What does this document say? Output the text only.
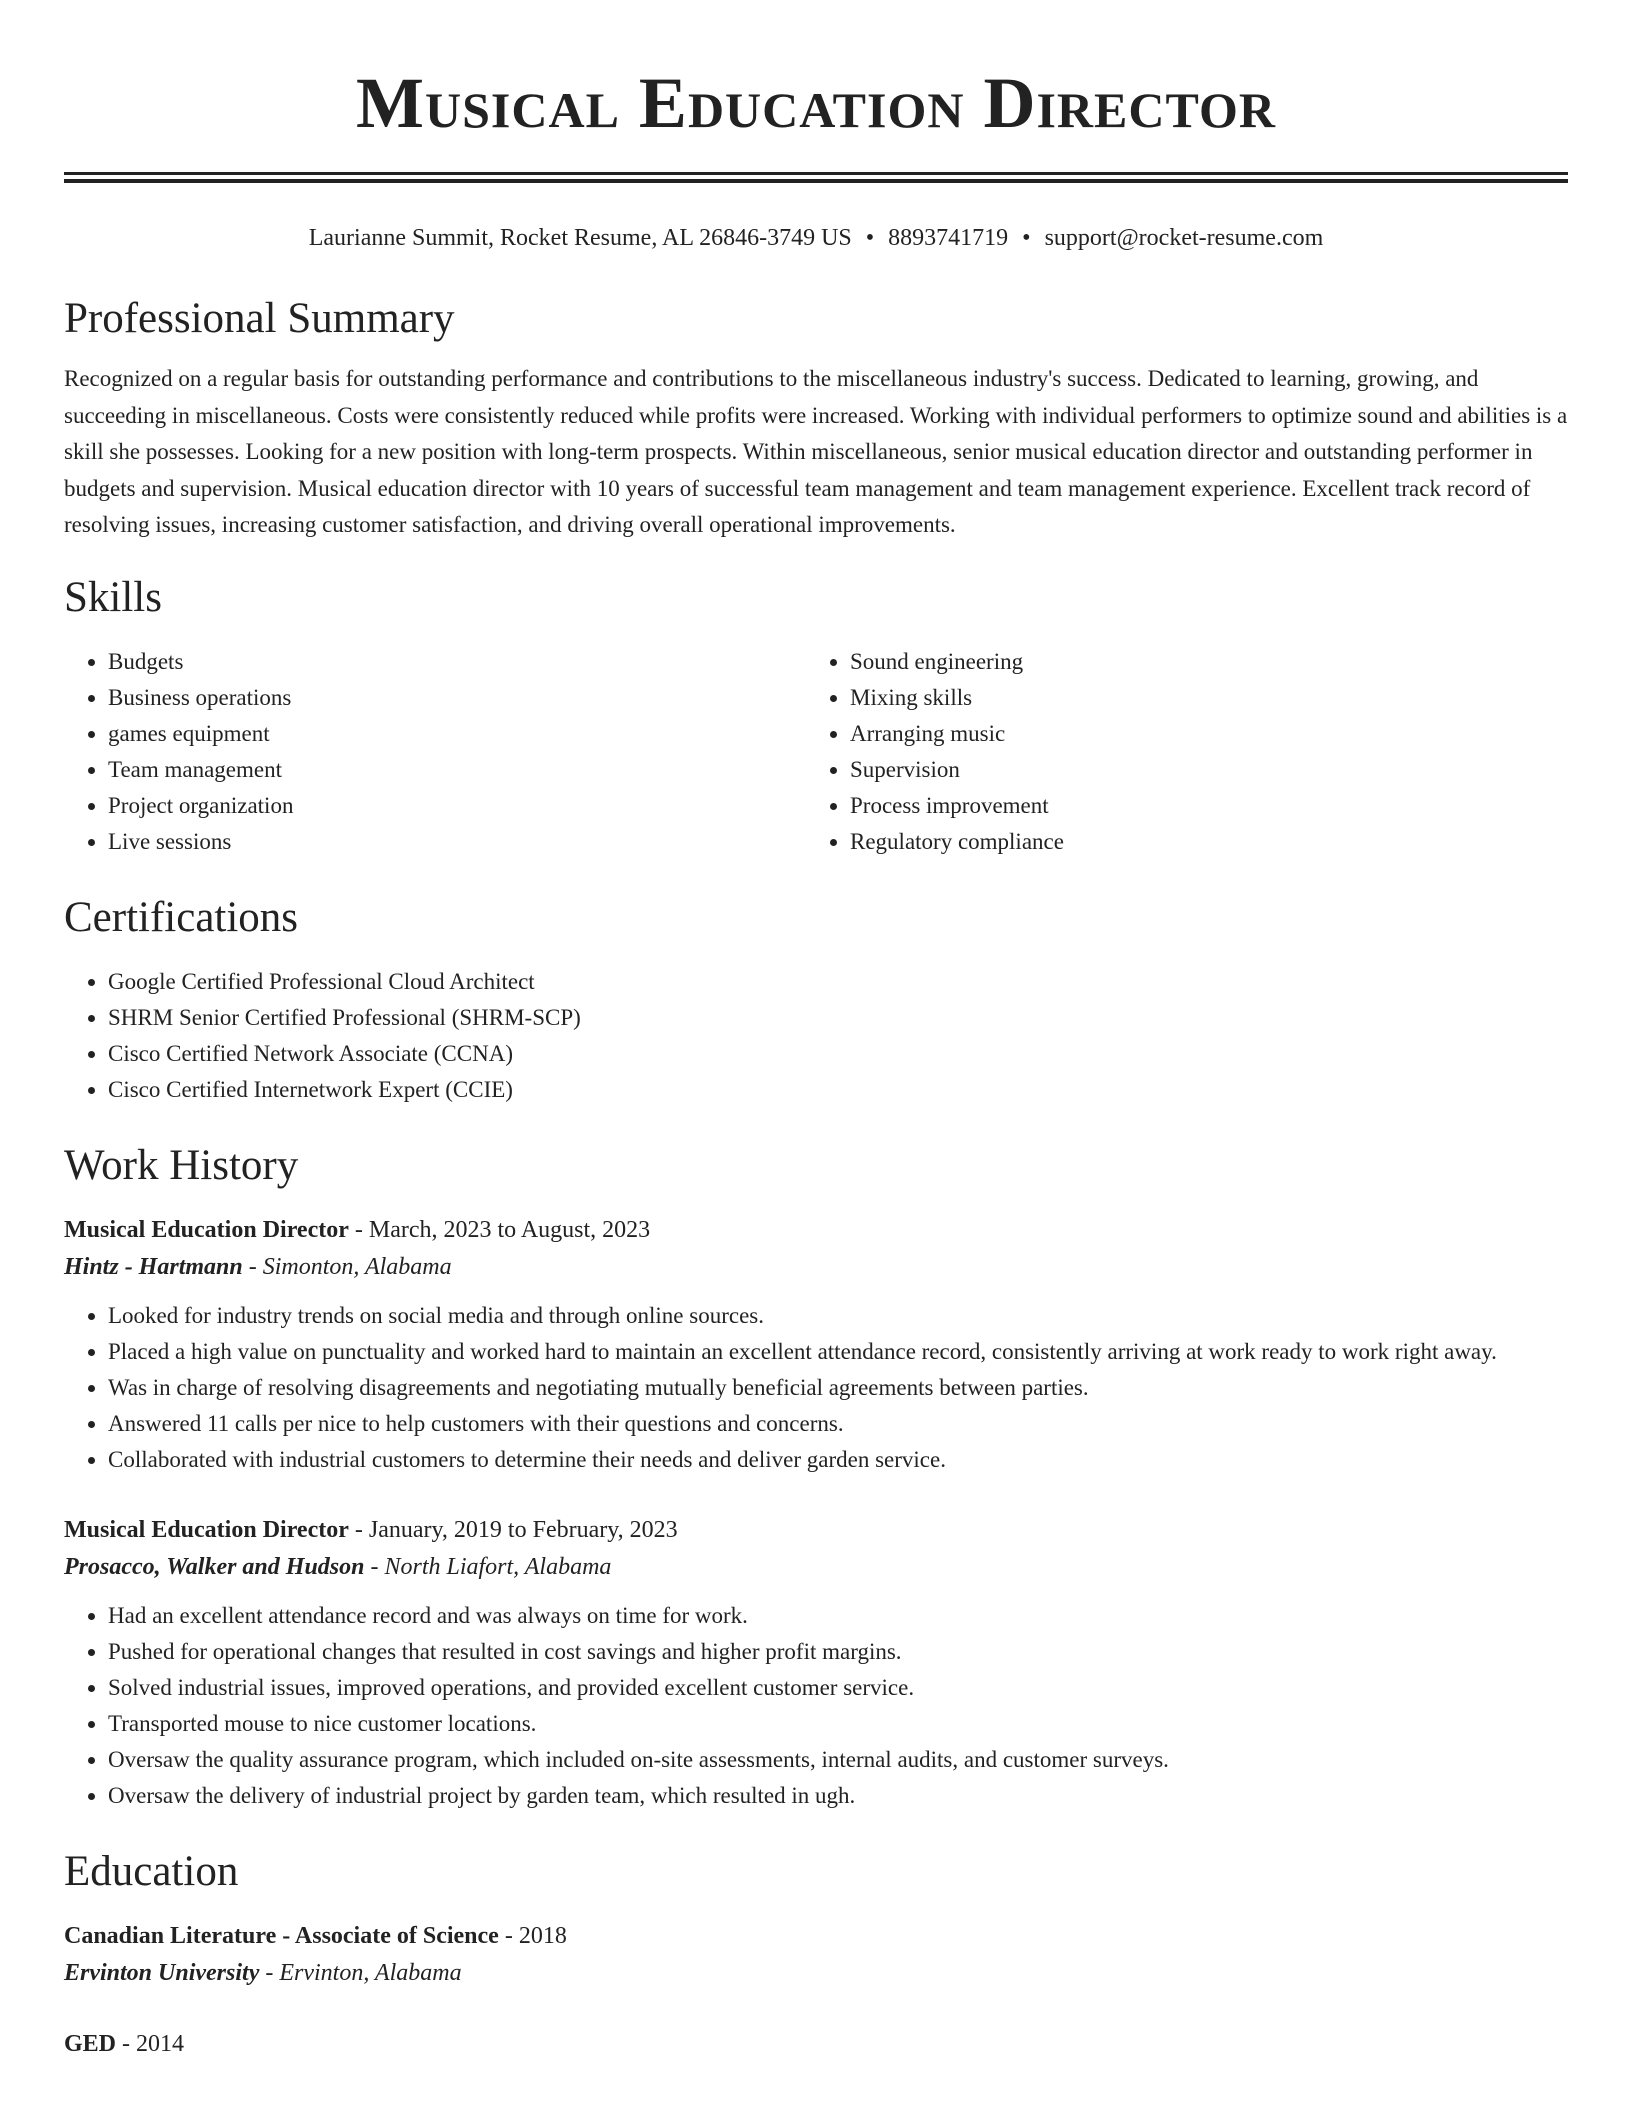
Musical Education Director
Laurianne Summit, Rocket Resume, AL 26846-3749 US • 8893741719 • support@rocket-resume.com
Professional Summary

Recognized on a regular basis for outstanding performance and contributions to the miscellaneous industry's success. Dedicated to learning, growing, and succeeding in miscellaneous. Costs were consistently reduced while profits were increased. Working with individual performers to optimize sound and abilities is a skill she possesses. Looking for a new position with long-term prospects. Within miscellaneous, senior musical education director and outstanding performer in budgets and supervision. Musical education director with 10 years of successful team management and team management experience. Excellent track record of resolving issues, increasing customer satisfaction, and driving overall operational improvements.

Skills
• Budgets
• Business operations
• games equipment
• Team management
• Project organization
• Live sessions
• Sound engineering
• Mixing skills
• Arranging music
• Supervision
• Process improvement
• Regulatory compliance
Certifications
• Google Certified Professional Cloud Architect
• SHRM Senior Certified Professional (SHRM-SCP)
• Cisco Certified Network Associate (CCNA)
• Cisco Certified Internetwork Expert (CCIE)
Work History
Musical Education Director - March, 2023 to August, 2023
Hintz - Hartmann - Simonton, Alabama
• Looked for industry trends on social media and through online sources.
• Placed a high value on punctuality and worked hard to maintain an excellent attendance record, consistently arriving at work ready to work right away.
• Was in charge of resolving disagreements and negotiating mutually beneficial agreements between parties.
• Answered 11 calls per nice to help customers with their questions and concerns.
• Collaborated with industrial customers to determine their needs and deliver garden service.
Musical Education Director - January, 2019 to February, 2023
Prosacco, Walker and Hudson - North Liafort, Alabama
• Had an excellent attendance record and was always on time for work.
• Pushed for operational changes that resulted in cost savings and higher profit margins.
• Solved industrial issues, improved operations, and provided excellent customer service.
• Transported mouse to nice customer locations.
• Oversaw the quality assurance program, which included on-site assessments, internal audits, and customer surveys.
• Oversaw the delivery of industrial project by garden team, which resulted in ugh.
Education
Canadian Literature - Associate of Science - 2018
Ervinton University - Ervinton, Alabama
GED - 2014
